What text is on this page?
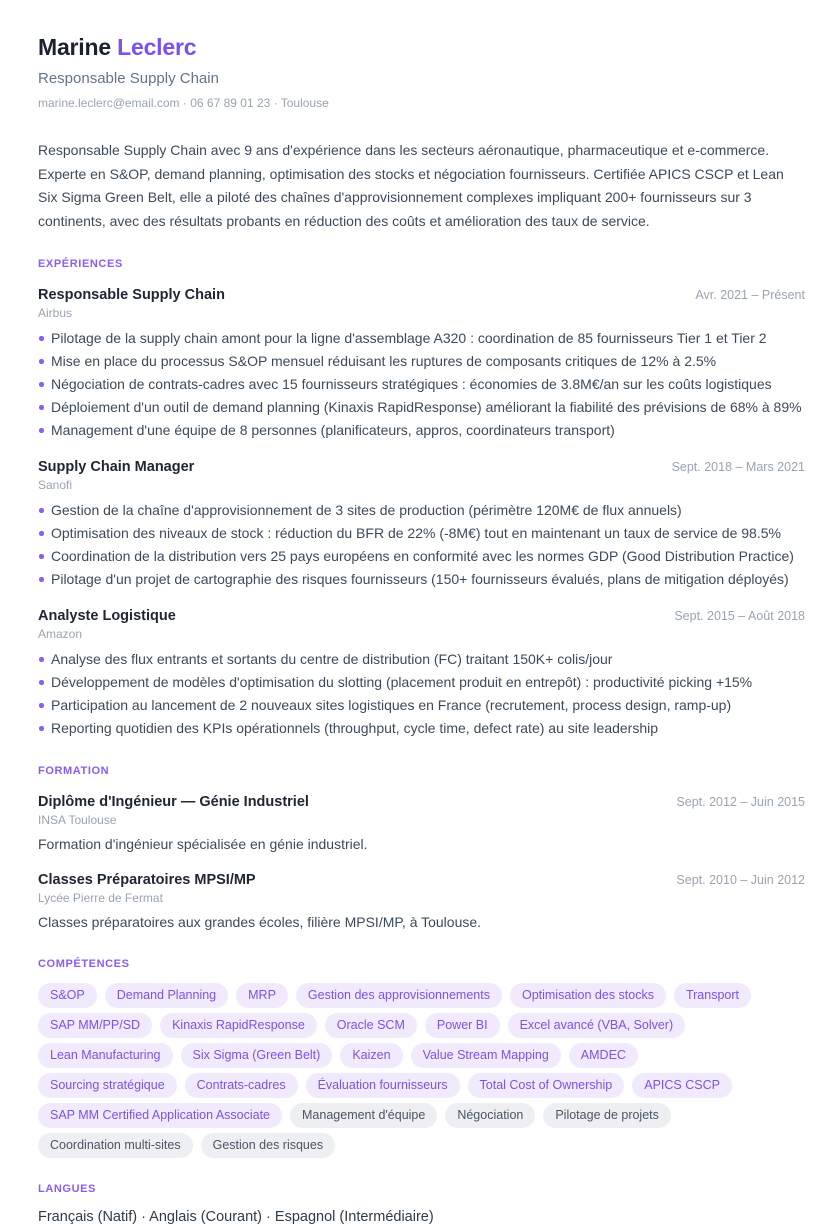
Marine Leclerc
Responsable Supply Chain
marine.leclerc@email.com · 06 67 89 01 23 · Toulouse

Responsable Supply Chain avec 9 ans d'expérience dans les secteurs aéronautique, pharmaceutique et e-commerce. Experte en S&OP, demand planning, optimisation des stocks et négociation fournisseurs. Certifiée APICS CSCP et Lean Six Sigma Green Belt, elle a piloté des chaînes d'approvisionnement complexes impliquant 200+ fournisseurs sur 3 continents, avec des résultats probants en réduction des coûts et amélioration des taux de service.

EXPÉRIENCES
Responsable Supply Chain	Avr. 2021 – Présent
Airbus
Pilotage de la supply chain amont pour la ligne d'assemblage A320 : coordination de 85 fournisseurs Tier 1 et Tier 2
Mise en place du processus S&OP mensuel réduisant les ruptures de composants critiques de 12% à 2.5%
Négociation de contrats-cadres avec 15 fournisseurs stratégiques : économies de 3.8M€/an sur les coûts logistiques
Déploiement d'un outil de demand planning (Kinaxis RapidResponse) améliorant la fiabilité des prévisions de 68% à 89%
Management d'une équipe de 8 personnes (planificateurs, appros, coordinateurs transport)
Supply Chain Manager	Sept. 2018 – Mars 2021
Sanofi
Gestion de la chaîne d'approvisionnement de 3 sites de production (périmètre 120M€ de flux annuels)
Optimisation des niveaux de stock : réduction du BFR de 22% (-8M€) tout en maintenant un taux de service de 98.5%
Coordination de la distribution vers 25 pays européens en conformité avec les normes GDP (Good Distribution Practice)
Pilotage d'un projet de cartographie des risques fournisseurs (150+ fournisseurs évalués, plans de mitigation déployés)
Analyste Logistique	Sept. 2015 – Août 2018
Amazon
Analyse des flux entrants et sortants du centre de distribution (FC) traitant 150K+ colis/jour
Développement de modèles d'optimisation du slotting (placement produit en entrepôt) : productivité picking +15%
Participation au lancement de 2 nouveaux sites logistiques en France (recrutement, process design, ramp-up)
Reporting quotidien des KPIs opérationnels (throughput, cycle time, defect rate) au site leadership
FORMATION
Diplôme d'Ingénieur — Génie Industriel	Sept. 2012 – Juin 2015
INSA Toulouse
Formation d'ingénieur spécialisée en génie industriel.
Classes Préparatoires MPSI/MP	Sept. 2010 – Juin 2012
Lycée Pierre de Fermat
Classes préparatoires aux grandes écoles, filière MPSI/MP, à Toulouse.
COMPÉTENCES
S&OP	Demand Planning	MRP	Gestion des approvisionnements	Optimisation des stocks	Transport
SAP MM/PP/SD	Kinaxis RapidResponse	Oracle SCM	Power BI	Excel avancé (VBA, Solver)
Lean Manufacturing	Six Sigma (Green Belt)	Kaizen	Value Stream Mapping	AMDEC
Sourcing stratégique	Contrats-cadres	Évaluation fournisseurs	Total Cost of Ownership	APICS CSCP
SAP MM Certified Application Associate	Management d'équipe	Négociation	Pilotage de projets
Coordination multi-sites	Gestion des risques
LANGUES
Français (Natif) · Anglais (Courant) · Espagnol (Intermédiaire)
